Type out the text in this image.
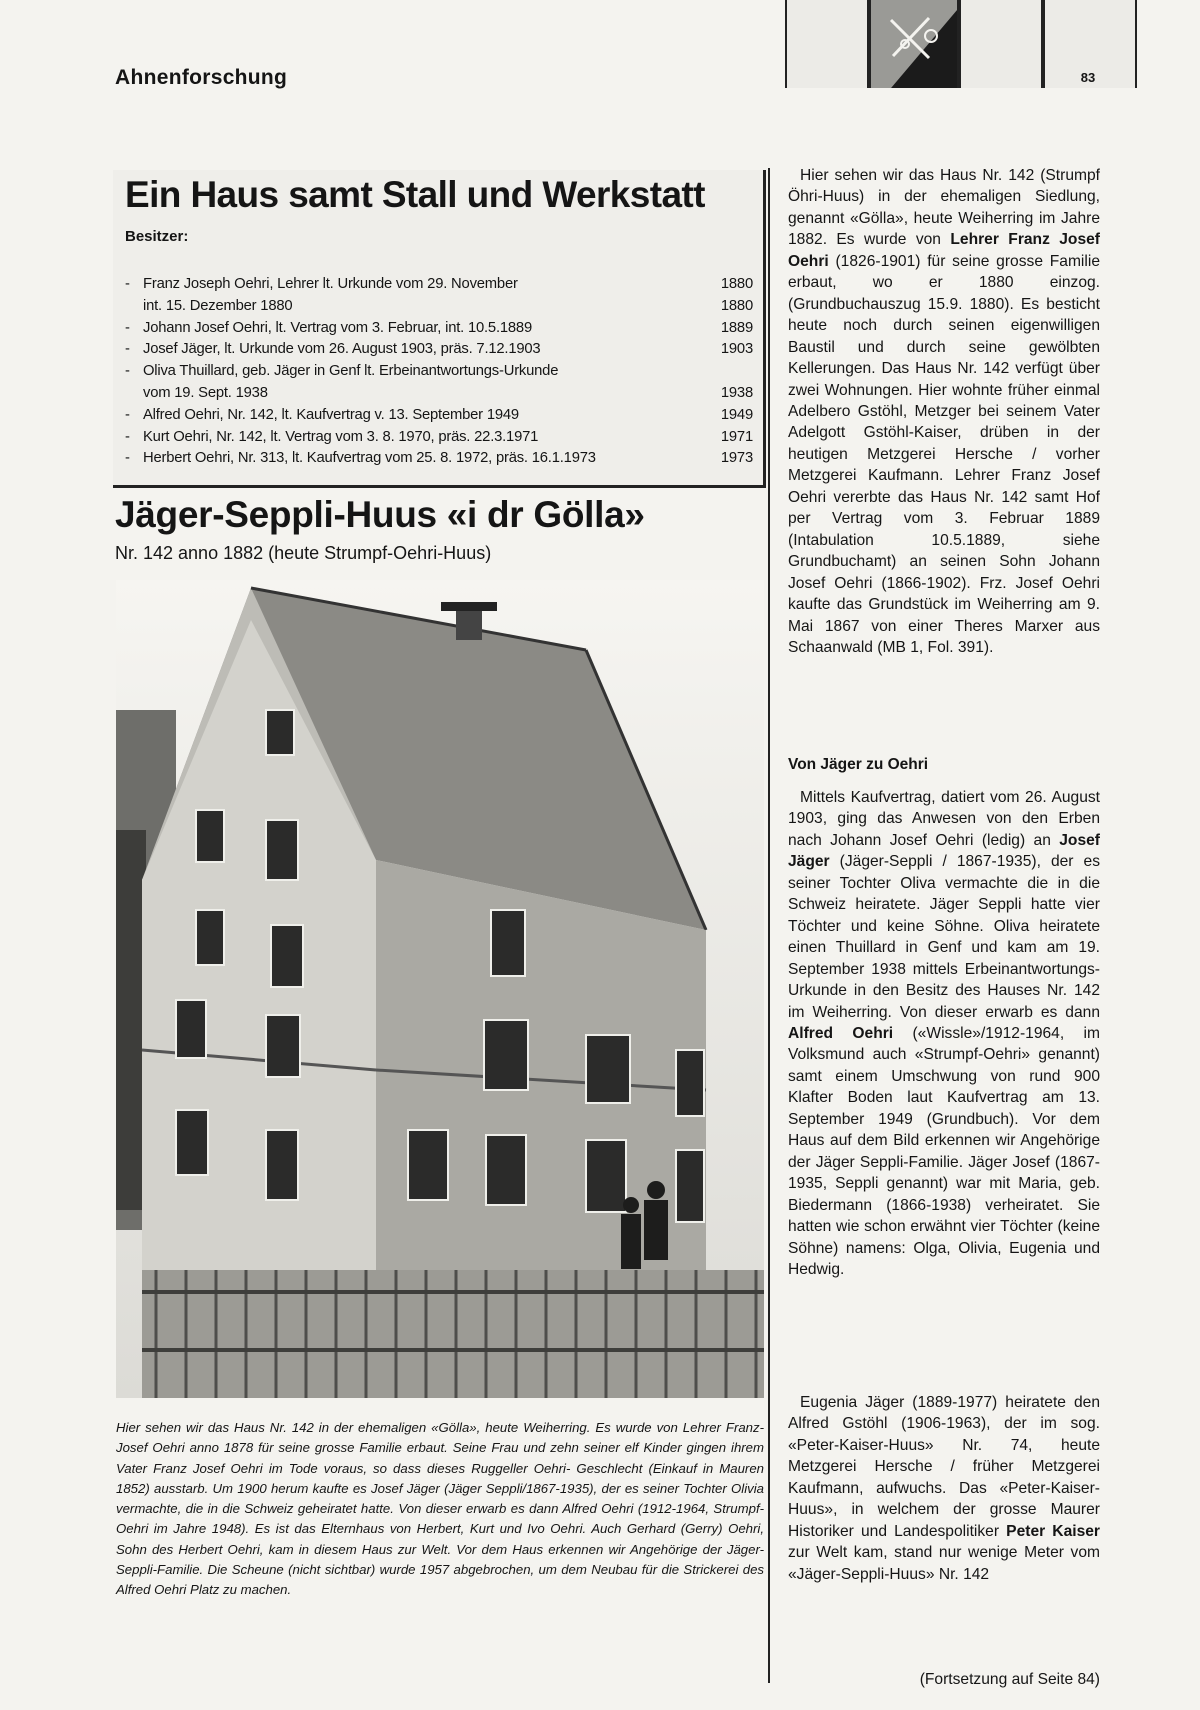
Ahnenforschung	83
Ein Haus samt Stall und Werkstatt
Besitzer:
- Franz Joseph Oehri, Lehrer lt. Urkunde vom 29. November	1880
int. 15. Dezember 1880	1880
- Johann Josef Oehri, lt. Vertrag vom 3. Februar, int. 10.5.1889	1889
- Josef Jäger, lt. Urkunde vom 26. August 1903, präs. 7.12.1903	1903
- Oliva Thuillard, geb. Jäger in Genf lt. Erbeinantwortungs-Urkunde
vom 19. Sept. 1938	1938
- Alfred Oehri, Nr. 142, lt. Kaufvertrag v. 13. September 1949	1949
- Kurt Oehri, Nr. 142, lt. Vertrag vom 3. 8. 1970, präs. 22.3.1971	1971
- Herbert Oehri, Nr. 313, lt. Kaufvertrag vom 25. 8. 1972, präs. 16.1.1973	1973
Jäger-Seppli-Huus «i dr Gölla»
Nr. 142 anno 1882 (heute Strumpf-Oehri-Huus)

Hier sehen wir das Haus Nr. 142 in der ehemaligen «Gölla», heute Weiherring. Es wurde von Lehrer Franz-Josef Oehri anno 1878 für seine grosse Familie erbaut. Seine Frau und zehn seiner elf Kinder gingen ihrem Vater Franz Josef Oehri im Tode voraus, so dass dieses Ruggeller Oehri- Geschlecht (Einkauf in Mauren 1852) ausstarb. Um 1900 herum kaufte es Josef Jäger (Jäger Seppli/1867-1935), der es seiner Tochter Olivia vermachte, die in die Schweiz geheiratet hatte. Von dieser erwarb es dann Alfred Oehri (1912-1964, Strumpf-Oehri im Jahre 1948). Es ist das Elternhaus von Herbert, Kurt und Ivo Oehri. Auch Gerhard (Gerry) Oehri, Sohn des Herbert Oehri, kam in diesem Haus zur Welt. Vor dem Haus erkennen wir Angehörige der Jäger-Seppli-Familie. Die Scheune (nicht sichtbar) wurde 1957 abgebrochen, um dem Neubau für die Strickerei des Alfred Oehri Platz zu machen.

Hier sehen wir das Haus Nr. 142 (Strumpf Öhri-Huus) in der ehemaligen Siedlung, genannt «Gölla», heute Weiherring im Jahre 1882. Es wurde von Lehrer Franz Josef Oehri (1826-1901) für seine grosse Familie erbaut, wo er 1880 einzog. (Grundbuchauszug 15.9. 1880). Es besticht heute noch durch seinen eigenwilligen Baustil und durch seine gewölbten Kellerungen. Das Haus Nr. 142 verfügt über zwei Wohnungen. Hier wohnte früher einmal Adelbero Gstöhl, Metzger bei seinem Vater Adelgott Gstöhl-Kaiser, drüben in der heutigen Metzgerei Hersche / vorher Metzgerei Kaufmann. Lehrer Franz Josef Oehri vererbte das Haus Nr. 142 samt Hof per Vertrag vom 3. Februar 1889 (Intabulation 10.5.1889, siehe Grundbuchamt) an seinen Sohn Johann Josef Oehri (1866-1902). Frz. Josef Oehri kaufte das Grundstück im Weiherring am 9. Mai 1867 von einer Theres Marxer aus Schaanwald (MB 1, Fol. 391).

Von Jäger zu Oehri

Mittels Kaufvertrag, datiert vom 26. August 1903, ging das Anwesen von den Erben nach Johann Josef Oehri (ledig) an Josef Jäger (Jäger-Seppli / 1867-1935), der es seiner Tochter Oliva vermachte die in die Schweiz heiratete. Jäger Seppli hatte vier Töchter und keine Söhne. Oliva heiratete einen Thuillard in Genf und kam am 19. September 1938 mittels Erbeinantwortungs-Urkunde in den Besitz des Hauses Nr. 142 im Weiherring. Von dieser erwarb es dann Alfred Oehri («Wissle»/1912-1964, im Volksmund auch «Strumpf-Oehri» genannt) samt einem Umschwung von rund 900 Klafter Boden laut Kaufvertrag am 13. September 1949 (Grundbuch). Vor dem Haus auf dem Bild erkennen wir Angehörige der Jäger Seppli-Familie. Jäger Josef (1867-1935, Seppli genannt) war mit Maria, geb. Biedermann (1866-1938) verheiratet. Sie hatten wie schon erwähnt vier Töchter (keine Söhne) namens: Olga, Olivia, Eugenia und Hedwig.

Eugenia Jäger (1889-1977) heiratete den Alfred Gstöhl (1906-1963), der im sog. «Peter-Kaiser-Huus» Nr. 74, heute Metzgerei Hersche / früher Metzgerei Kaufmann, aufwuchs. Das «Peter-Kaiser-Huus», in welchem der grosse Maurer Historiker und Landespolitiker Peter Kaiser zur Welt kam, stand nur wenige Meter vom «Jäger-Seppli-Huus» Nr. 142

(Fortsetzung auf Seite 84)
